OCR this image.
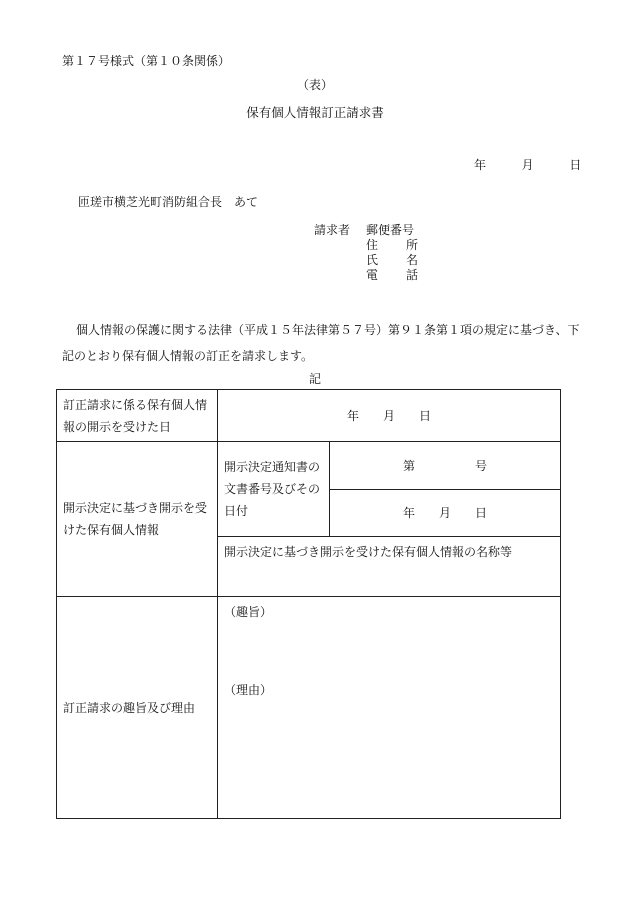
第１７号様式（第１０条関係）
（表）
保有個人情報訂正請求書
年	月	日
匝瑳市横芝光町消防組合長　あて
請求者 郵便番号
住所
氏名
電話
個人情報の保護に関する法律（平成１５年法律第５７号）第９１条第１項の規定に基づき、下記のとおり保有個人情報の訂正を請求します。
記
訂正請求に係る保有個人情報の開示を受けた日	年　　月　　日	
開示決定に基づき開示を受けた保有個人情報	開示決定通知書の文書番号及びその日付	第　　　　　号
		年　　月　　日
	開示決定に基づき開示を受けた保有個人情報の名称等	
訂正請求の趣旨及び理由	（趣旨）
（理由）	
